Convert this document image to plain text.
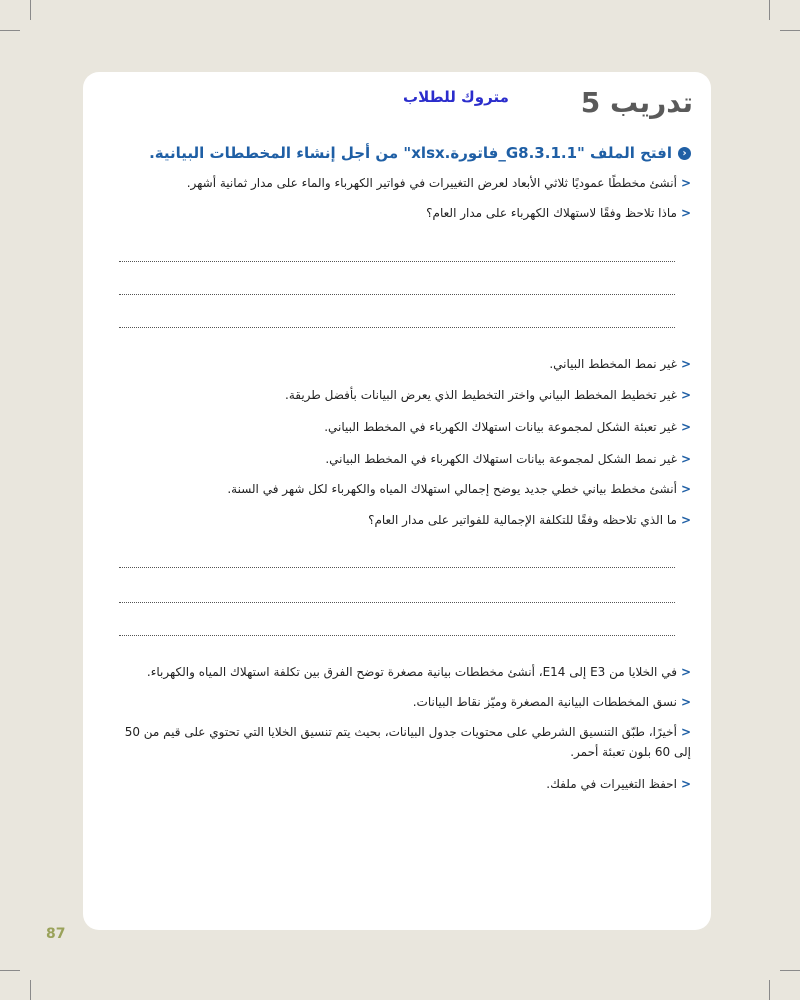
تدريب 5
متروك للطلاب
‹
افتح الملف "G8.3.1.1_فاتورة.xlsx" من أجل إنشاء المخططات البيانية.
<أنشئ مخططًا عموديًا ثلاثي الأبعاد لعرض التغييرات في فواتير الكهرباء والماء على مدار ثمانية أشهر.
<ماذا تلاحظ وفقًا لاستهلاك الكهرباء على مدار العام؟
<غير نمط المخطط البياني.
<غير تخطيط المخطط البياني واختر التخطيط الذي يعرض البيانات بأفضل طريقة.
<غير تعبئة الشكل لمجموعة بيانات استهلاك الكهرباء في المخطط البياني.
<غير نمط الشكل لمجموعة بيانات استهلاك الكهرباء في المخطط البياني.
<أنشئ مخطط بياني خطي جديد يوضح إجمالي استهلاك المياه والكهرباء لكل شهر في السنة.
<ما الذي تلاحظه وفقًا للتكلفة الإجمالية للفواتير على مدار العام؟
<في الخلايا من E3 إلى E14، أنشئ مخططات بيانية مصغرة توضح الفرق بين تكلفة استهلاك المياه والكهرباء.
<نسق المخططات البيانية المصغرة وميّز نقاط البيانات.
<أخيرًا، طبّق التنسيق الشرطي على محتويات جدول البيانات، بحيث يتم تنسيق الخلايا التي تحتوي على قيم من 50 إلى 60 بلون تعبئة أحمر.
<احفظ التغييرات في ملفك.
87
